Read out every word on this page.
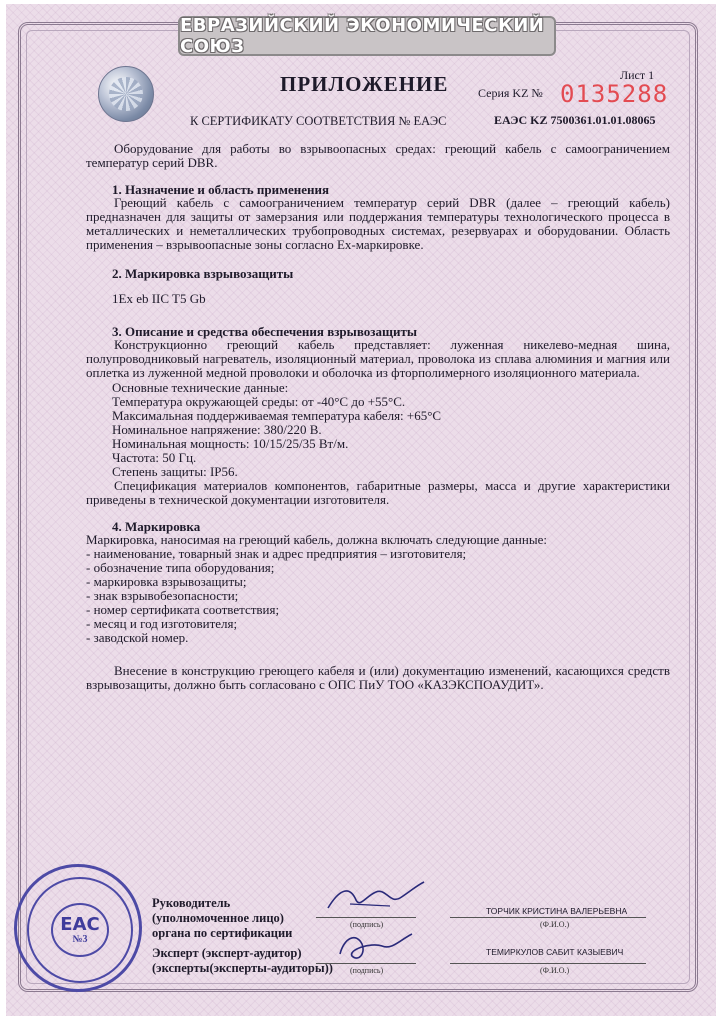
ЕВРАЗИЙСКИЙ ЭКОНОМИЧЕСКИЙ СОЮЗ
Лист 1
ПРИЛОЖЕНИЕ Серия KZ № 0135288
К СЕРТИФИКАТУ СООТВЕТСТВИЯ № ЕАЭС	ЕАЭС KZ 7500361.01.01.08065
Оборудование для работы во взрывоопасных средах: греющий кабель с самоограничением температур серий DBR.
1. Назначение и область применения
Греющий кабель с самоограничением температур серий DBR (далее – греющий кабель) предназначен для защиты от замерзания или поддержания температуры технологического процесса в металлических и неметаллических трубопроводных системах, резервуарах и оборудовании. Область применения – взрывоопасные зоны согласно Ex-маркировке.
2. Маркировка взрывозащиты
1Ex eb IIC T5 Gb
3. Описание и средства обеспечения взрывозащиты
Конструкционно греющий кабель представляет: луженная никелево-медная шина, полупроводниковый нагреватель, изоляционный материал, проволока из сплава алюминия и магния или оплетка из луженной медной проволоки и оболочка из фторполимерного изоляционного материала.
Основные технические данные:
Температура окружающей среды: от -40°С до +55°С.
Максимальная поддерживаемая температура кабеля: +65°С
Номинальное напряжение: 380/220 В.
Номинальная мощность: 10/15/25/35 Вт/м.
Частота: 50 Гц.
Степень защиты: IP56.
Спецификация материалов компонентов, габаритные размеры, масса и другие характеристики приведены в технической документации изготовителя.
4. Маркировка
Маркировка, наносимая на греющий кабель, должна включать следующие данные:
- наименование, товарный знак и адрес предприятия – изготовителя;
- обозначение типа оборудования;
- маркировка взрывозащиты;
- знак взрывобезопасности;
- номер сертификата соответствия;
- месяц и год изготовителя;
- заводской номер.
Внесение в конструкцию греющего кабеля и (или) документацию изменений, касающихся средств взрывозащиты, должно быть согласовано с ОПС ПиУ ТОО «КАЗЭКСПОАУДИТ».
Руководитель
(уполномоченное лицо)
органа по сертификации
Эксперт (эксперт-аудитор)
(эксперты(эксперты-аудиторы))
(подпись)
ТОРЧИК КРИСТИНА ВАЛЕРЬЕВНА
(Ф.И.О.)
(подпись)
ТЕМИРКУЛОВ САБИТ КАЗЫЕВИЧ
(Ф.И.О.)
ЕАС
№3
